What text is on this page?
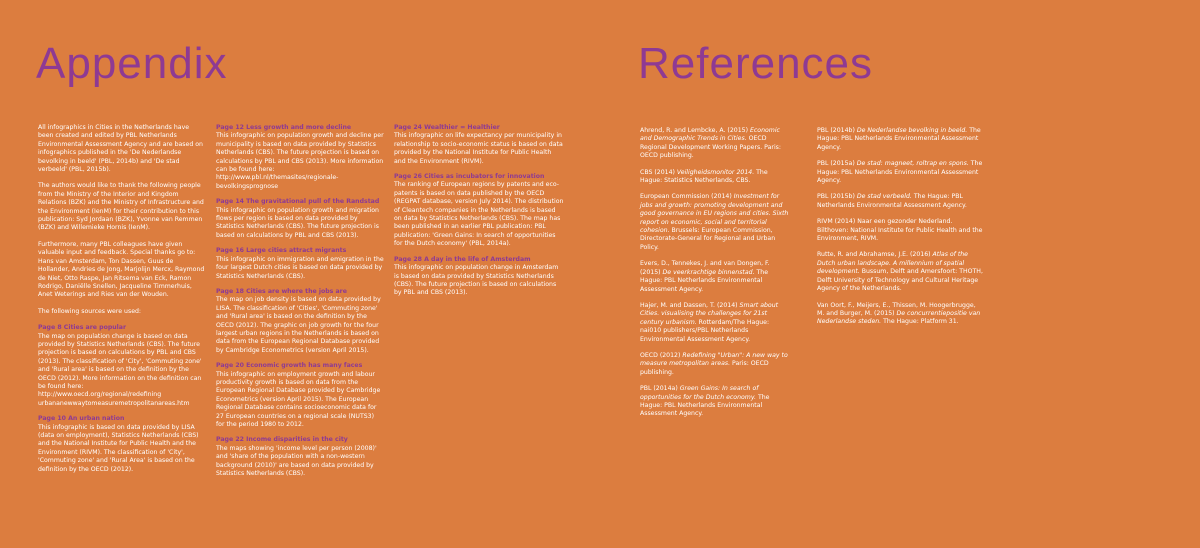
Appendix	References

All infographics in Cities in the Netherlands have been created and edited by PBL Netherlands Environmental Assessment Agency and are based on infographics published in the 'De Nederlandse bevolking in beeld' (PBL, 2014b) and 'De stad verbeeld' (PBL, 2015b).

The authors would like to thank the following people from the Ministry of the Interior and Kingdom Relations (BZK) and the Ministry of Infrastructure and the Environment (IenM) for their contribution to this publication: Syd Jordaan (BZK), Yvonne van Remmen (BZK) and Willemieke Hornis (IenM).

Furthermore, many PBL colleagues have given valuable input and feedback. Special thanks go to: Hans van Amsterdam, Ton Dassen, Guus de Hollander, Andries de Jong, Marjolijn Mercx, Raymond de Niet, Otto Raspe, Jan Ritsema van Eck, Ramon Rodrigo, Daniëlle Snellen, Jacqueline Timmerhuis, Anet Weterings and Ries van der Wouden.

The following sources were used:

Page 8 Cities are popular
The map on population change is based on data provided by Statistics Netherlands (CBS). The future projection is based on calculations by PBL and CBS (2013). The classification of 'City', 'Commuting zone' and 'Rural area' is based on the definition by the OECD (2012). More information on the definition can be found here: http://www.oecd.org/regional/redefining urbananewwaytomeasuremetropolitanareas.htm
Page 10 An urban nation
This infographic is based on data provided by LISA (data on employment), Statistics Netherlands (CBS) and the National Institute for Public Health and the Environment (RIVM). The classification of 'City', 'Commuting zone' and 'Rural Area' is based on the definition by the OECD (2012).
Page 12 Less growth and more decline
This infographic on population growth and decline per municipality is based on data provided by Statistics Netherlands (CBS). The future projection is based on calculations by PBL and CBS (2013). More information can be found here: http://www.pbl.nl/themasites/regionale-bevolkingsprognose
Page 14 The gravitational pull of the Randstad
This infographic on population growth and migration flows per region is based on data provided by Statistics Netherlands (CBS). The future projection is based on calculations by PBL and CBS (2013).
Page 16 Large cities attract migrants
This infographic on immigration and emigration in the four largest Dutch cities is based on data provided by Statistics Netherlands (CBS).
Page 18 Cities are where the jobs are
The map on job density is based on data provided by LISA. The classification of 'Cities', 'Commuting zone' and 'Rural area' is based on the definition by the OECD (2012). The graphic on job growth for the four largest urban regions in the Netherlands is based on data from the European Regional Database provided by Cambridge Econometrics (version April 2015).
Page 20 Economic growth has many faces
This infographic on employment growth and labour productivity growth is based on data from the European Regional Database provided by Cambridge Econometrics (version April 2015). The European Regional Database contains socioeconomic data for 27 European countries on a regional scale (NUTS3) for the period 1980 to 2012.
Page 22 Income disparities in the city
The maps showing 'income level per person (2008)' and 'share of the population with a non-western background (2010)' are based on data provided by Statistics Netherlands (CBS).
Page 24 Wealthier = Healthier
This infographic on life expectancy per municipality in relationship to socio-economic status is based on data provided by the National Institute for Public Health and the Environment (RIVM).
Page 26 Cities as incubators for innovation
The ranking of European regions by patents and eco-patents is based on data published by the OECD (REGPAT database, version July 2014). The distribution of Cleantech companies in the Netherlands is based on data by Statistics Netherlands (CBS). The map has been published in an earlier PBL publication: PBL publication: 'Green Gains: In search of opportunities for the Dutch economy' (PBL, 2014a).
Page 28 A day in the life of Amsterdam
This infographic on population change in Amsterdam is based on data provided by Statistics Netherlands (CBS). The future projection is based on calculations by PBL and CBS (2013).

Ahrend, R. and Lembcke, A. (2015) Economic and Demographic Trends in Cities. OECD Regional Development Working Papers. Paris: OECD publishing.

CBS (2014) Veiligheidsmonitor 2014. The Hague: Statistics Netherlands, CBS.

European Commission (2014) Investment for jobs and growth: promoting development and good governance in EU regions and cities. Sixth report on economic, social and territorial cohesion. Brussels: European Commission, Directorate-General for Regional and Urban Policy.

Evers, D., Tennekes, J. and van Dongen, F. (2015) De veerkrachtige binnenstad. The Hague: PBL Netherlands Environmental Assessment Agency.

Hajer, M. and Dassen, T. (2014) Smart about Cities. visualising the challenges for 21st century urbanism. Rotterdam/The Hague: nai010 publishers/PBL Netherlands Environmental Assessment Agency.

OECD (2012) Redefining "Urban": A new way to measure metropolitan areas. Paris: OECD publishing.

PBL (2014a) Green Gains: In search of opportunities for the Dutch economy. The Hague: PBL Netherlands Environmental Assessment Agency.

PBL (2014b) De Nederlandse bevolking in beeld. The Hague: PBL Netherlands Environmental Assessment Agency.

PBL (2015a) De stad: magneet, roltrap en spons. The Hague: PBL Netherlands Environmental Assessment Agency.

PBL (2015b) De stad verbeeld. The Hague: PBL Netherlands Environmental Assessment Agency.

RIVM (2014) Naar een gezonder Nederland. Bilthoven: National Institute for Public Health and the Environment, RIVM.

Rutte, R. and Abrahamse, J.E. (2016) Atlas of the Dutch urban landscape. A millennium of spatial development. Bussum, Delft and Amersfoort: THOTH, Delft University of Technology and Cultural Heritage Agency of the Netherlands.

Van Oort, F., Meijers, E., Thissen, M. Hoogerbrugge, M. and Burger, M. (2015) De concurrentiepositie van Nederlandse steden. The Hague: Platform 31.
